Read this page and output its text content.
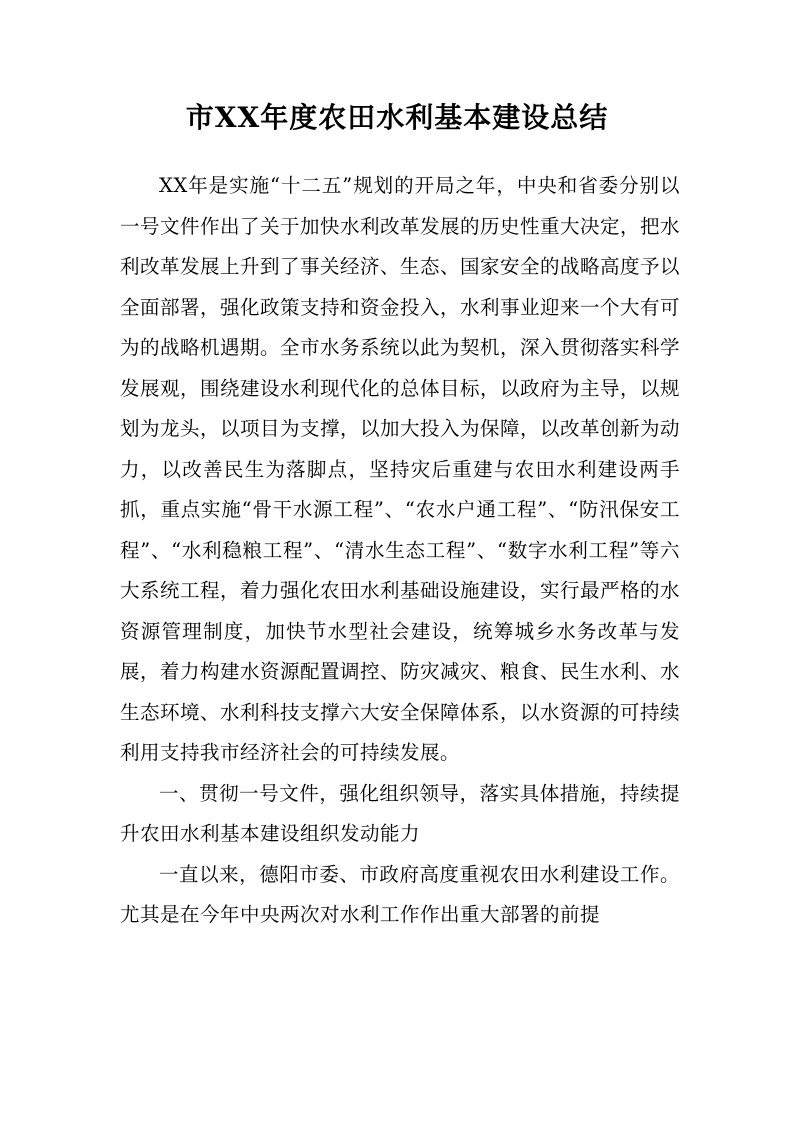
市XX年度农田水利基本建设总结

XX年是实施“十二五”规划的开局之年，中央和省委分别以一号文件作出了关于加快水利改革发展的历史性重大决定，把水利改革发展上升到了事关经济、生态、国家安全的战略高度予以全面部署，强化政策支持和资金投入，水利事业迎来一个大有可为的战略机遇期。全市水务系统以此为契机，深入贯彻落实科学发展观，围绕建设水利现代化的总体目标，以政府为主导，以规划为龙头，以项目为支撑，以加大投入为保障，以改革创新为动力，以改善民生为落脚点，坚持灾后重建与农田水利建设两手抓，重点实施“骨干水源工程”、“农水户通工程”、“防汛保安工程”、“水利稳粮工程”、“清水生态工程”、“数字水利工程”等六大系统工程，着力强化农田水利基础设施建设，实行最严格的水资源管理制度，加快节水型社会建设，统筹城乡水务改革与发展，着力构建水资源配置调控、防灾减灾、粮食、民生水利、水生态环境、水利科技支撑六大安全保障体系，以水资源的可持续利用支持我市经济社会的可持续发展。

一、贯彻一号文件，强化组织领导，落实具体措施，持续提升农田水利基本建设组织发动能力

一直以来，德阳市委、市政府高度重视农田水利建设工作。尤其是在今年中央两次对水利工作作出重大部署的前提
